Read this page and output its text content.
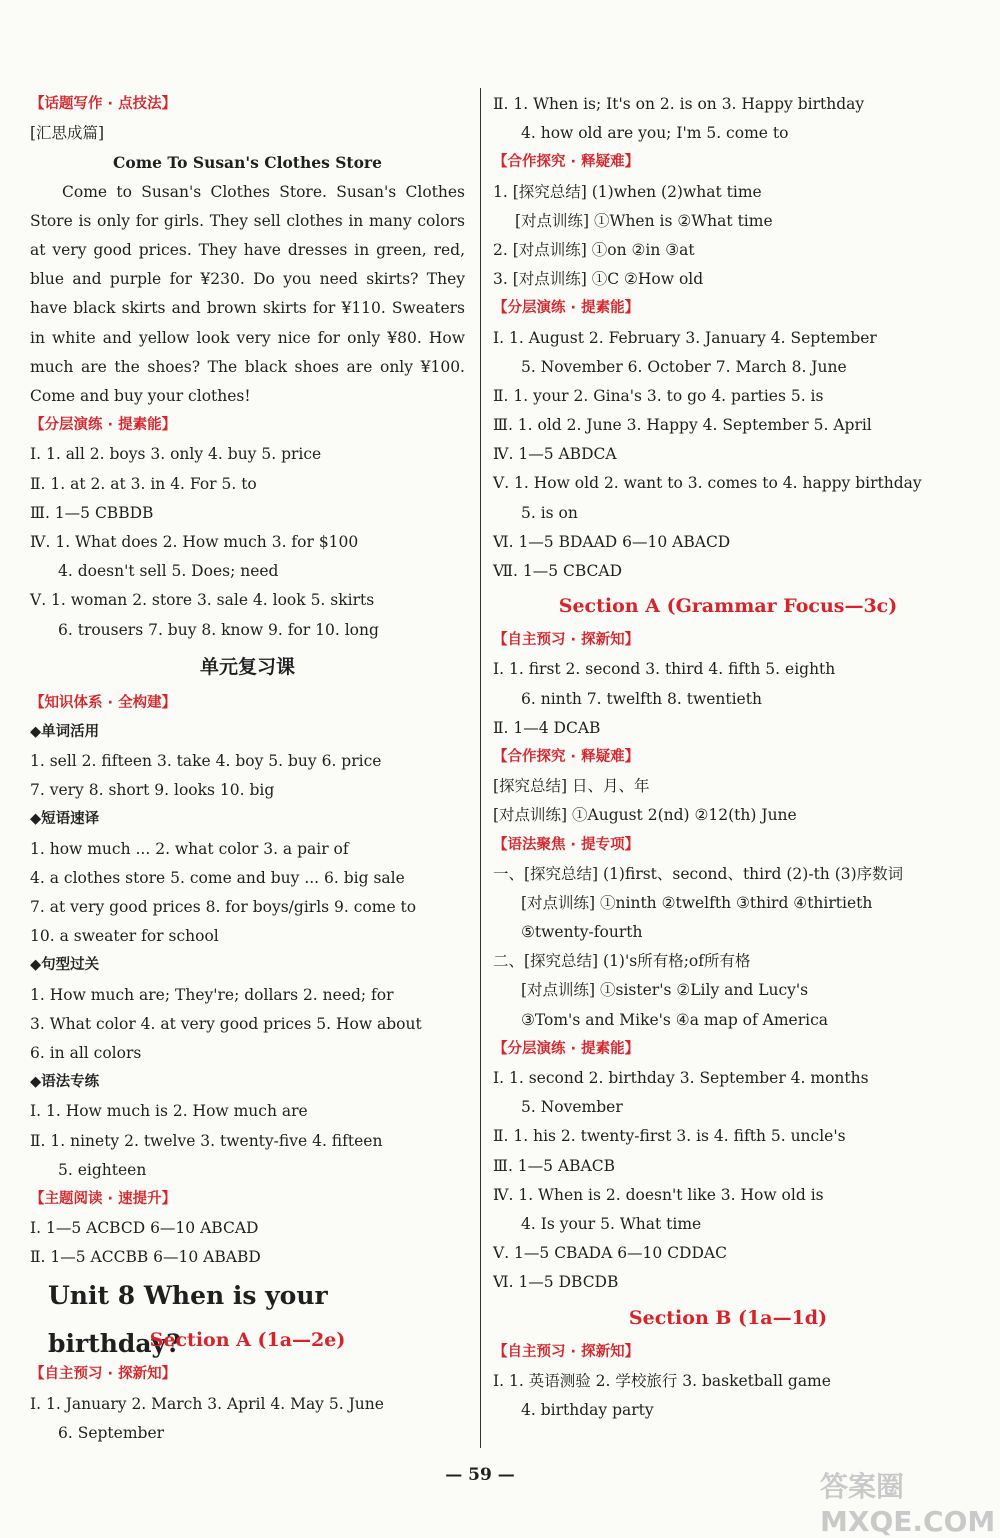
【话题写作 · 点技法】
[汇思成篇]
Come To Susan's Clothes Store

Come to Susan's Clothes Store. Susan's Clothes Store is only for girls. They sell clothes in many colors at very good prices. They have dresses in green, red, blue and purple for ¥230. Do you need skirts? They have black skirts and brown skirts for ¥110. Sweaters in white and yellow look very nice for only ¥80. How much are the shoes? The black shoes are only ¥100. Come and buy your clothes!

【分层演练 · 提素能】
Ⅰ. 1. all 2. boys 3. only 4. buy 5. price
Ⅱ. 1. at 2. at 3. in 4. For 5. to
Ⅲ. 1—5 CBBDB
Ⅳ. 1. What does 2. How much 3. for $100
4. doesn't sell 5. Does; need
Ⅴ. 1. woman 2. store 3. sale 4. look 5. skirts
6. trousers 7. buy 8. know 9. for 10. long
单元复习课
【知识体系 · 全构建】
◆单词活用
1. sell 2. fifteen 3. take 4. boy 5. buy 6. price
7. very 8. short 9. looks 10. big
◆短语速译
1. how much ... 2. what color 3. a pair of
4. a clothes store 5. come and buy ... 6. big sale
7. at very good prices 8. for boys/girls 9. come to
10. a sweater for school
◆句型过关
1. How much are; They're; dollars 2. need; for
3. What color 4. at very good prices 5. How about
6. in all colors
◆语法专练
Ⅰ. 1. How much is 2. How much are
Ⅱ. 1. ninety 2. twelve 3. twenty-five 4. fifteen
5. eighteen
【主题阅读 · 速提升】
Ⅰ. 1—5 ACBCD 6—10 ABCAD
Ⅱ. 1—5 ACCBB 6—10 ABABD
Unit 8 When is your birthday?
Section A (1a—2e)
【自主预习 · 探新知】
Ⅰ. 1. January 2. March 3. April 4. May 5. June
6. September
Ⅱ. 1. When is; It's on 2. is on 3. Happy birthday
4. how old are you; I'm 5. come to
【合作探究 · 释疑难】
1. [探究总结] (1)when (2)what time
[对点训练] ①When is ②What time
2. [对点训练] ①on ②in ③at
3. [对点训练] ①C ②How old
【分层演练 · 提素能】
Ⅰ. 1. August 2. February 3. January 4. September
5. November 6. October 7. March 8. June
Ⅱ. 1. your 2. Gina's 3. to go 4. parties 5. is
Ⅲ. 1. old 2. June 3. Happy 4. September 5. April
Ⅳ. 1—5 ABDCA
Ⅴ. 1. How old 2. want to 3. comes to 4. happy birthday
5. is on
Ⅵ. 1—5 BDAAD 6—10 ABACD
Ⅶ. 1—5 CBCAD
Section A (Grammar Focus—3c)
【自主预习 · 探新知】
Ⅰ. 1. first 2. second 3. third 4. fifth 5. eighth
6. ninth 7. twelfth 8. twentieth
Ⅱ. 1—4 DCAB
【合作探究 · 释疑难】
[探究总结] 日、月、年
[对点训练] ①August 2(nd) ②12(th) June
【语法聚焦 · 提专项】
一、[探究总结] (1)first、second、third (2)-th (3)序数词
[对点训练] ①ninth ②twelfth ③third ④thirtieth
⑤twenty-fourth
二、[探究总结] (1)'s所有格;of所有格
[对点训练] ①sister's ②Lily and Lucy's
③Tom's and Mike's ④a map of America
【分层演练 · 提素能】
Ⅰ. 1. second 2. birthday 3. September 4. months
5. November
Ⅱ. 1. his 2. twenty-first 3. is 4. fifth 5. uncle's
Ⅲ. 1—5 ABACB
Ⅳ. 1. When is 2. doesn't like 3. How old is
4. Is your 5. What time
Ⅴ. 1—5 CBADA 6—10 CDDAC
Ⅵ. 1—5 DBCDB
Section B (1a—1d)
【自主预习 · 探新知】
Ⅰ. 1. 英语测验 2. 学校旅行 3. basketball game
4. birthday party
— 59 —	答案圈 MXQE.COM
